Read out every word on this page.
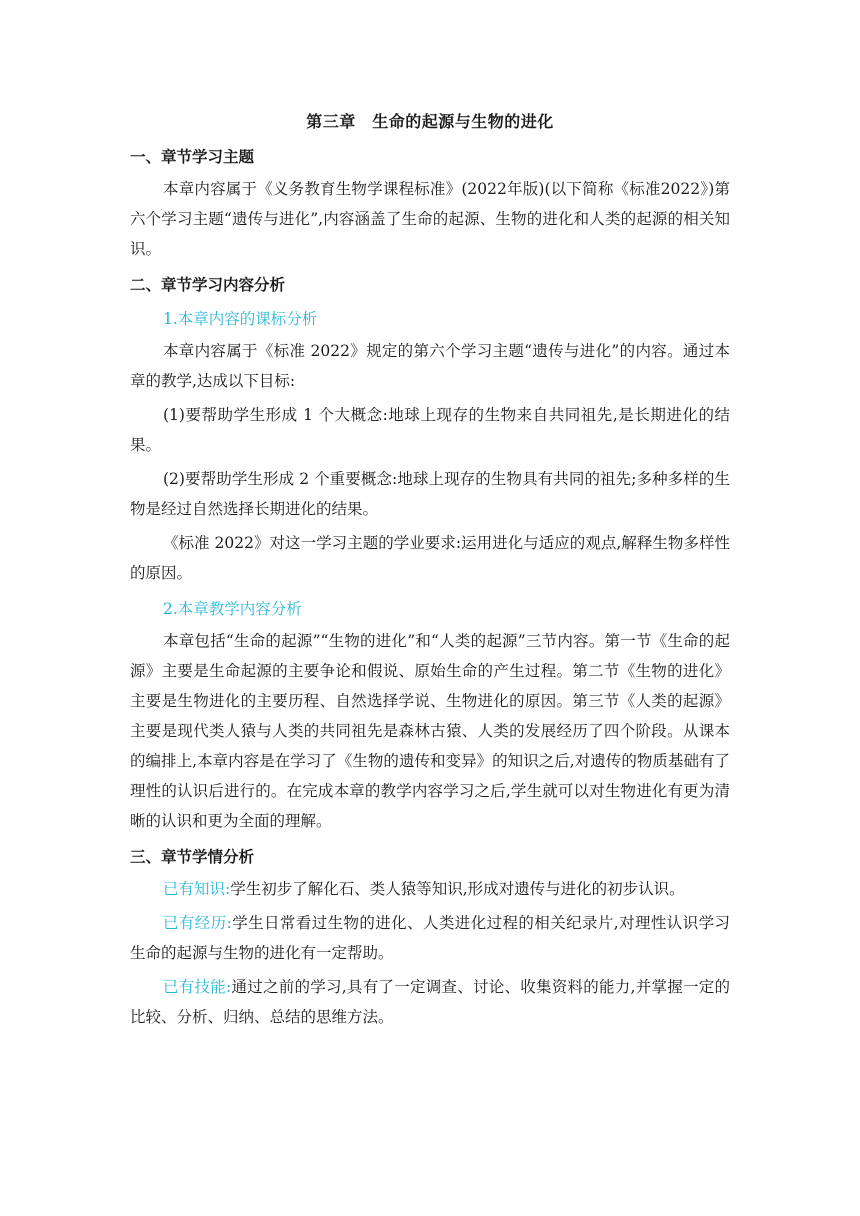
第三章　生命的起源与生物的进化
一、章节学习主题

本章内容属于《义务教育生物学课程标准》(2022年版)(以下简称《标准2022》)第六个学习主题“遗传与进化”,内容涵盖了生命的起源、生物的进化和人类的起源的相关知识。

二、章节学习内容分析
1.本章内容的课标分析

本章内容属于《标准 2022》规定的第六个学习主题“遗传与进化”的内容。通过本章的教学,达成以下目标:

(1)要帮助学生形成 1 个大概念:地球上现存的生物来自共同祖先,是长期进化的结果。

(2)要帮助学生形成 2 个重要概念:地球上现存的生物具有共同的祖先;多种多样的生物是经过自然选择长期进化的结果。

《标准 2022》对这一学习主题的学业要求:运用进化与适应的观点,解释生物多样性的原因。

2.本章教学内容分析

本章包括“生命的起源”“生物的进化”和“人类的起源”三节内容。第一节《生命的起源》主要是生命起源的主要争论和假说、原始生命的产生过程。第二节《生物的进化》主要是生物进化的主要历程、自然选择学说、生物进化的原因。第三节《人类的起源》主要是现代类人猿与人类的共同祖先是森林古猿、人类的发展经历了四个阶段。从课本的编排上,本章内容是在学习了《生物的遗传和变异》的知识之后,对遗传的物质基础有了理性的认识后进行的。在完成本章的教学内容学习之后,学生就可以对生物进化有更为清晰的认识和更为全面的理解。

三、章节学情分析

已有知识:学生初步了解化石、类人猿等知识,形成对遗传与进化的初步认识。

已有经历:学生日常看过生物的进化、人类进化过程的相关纪录片,对理性认识学习生命的起源与生物的进化有一定帮助。

已有技能:通过之前的学习,具有了一定调查、讨论、收集资料的能力,并掌握一定的比较、分析、归纳、总结的思维方法。
